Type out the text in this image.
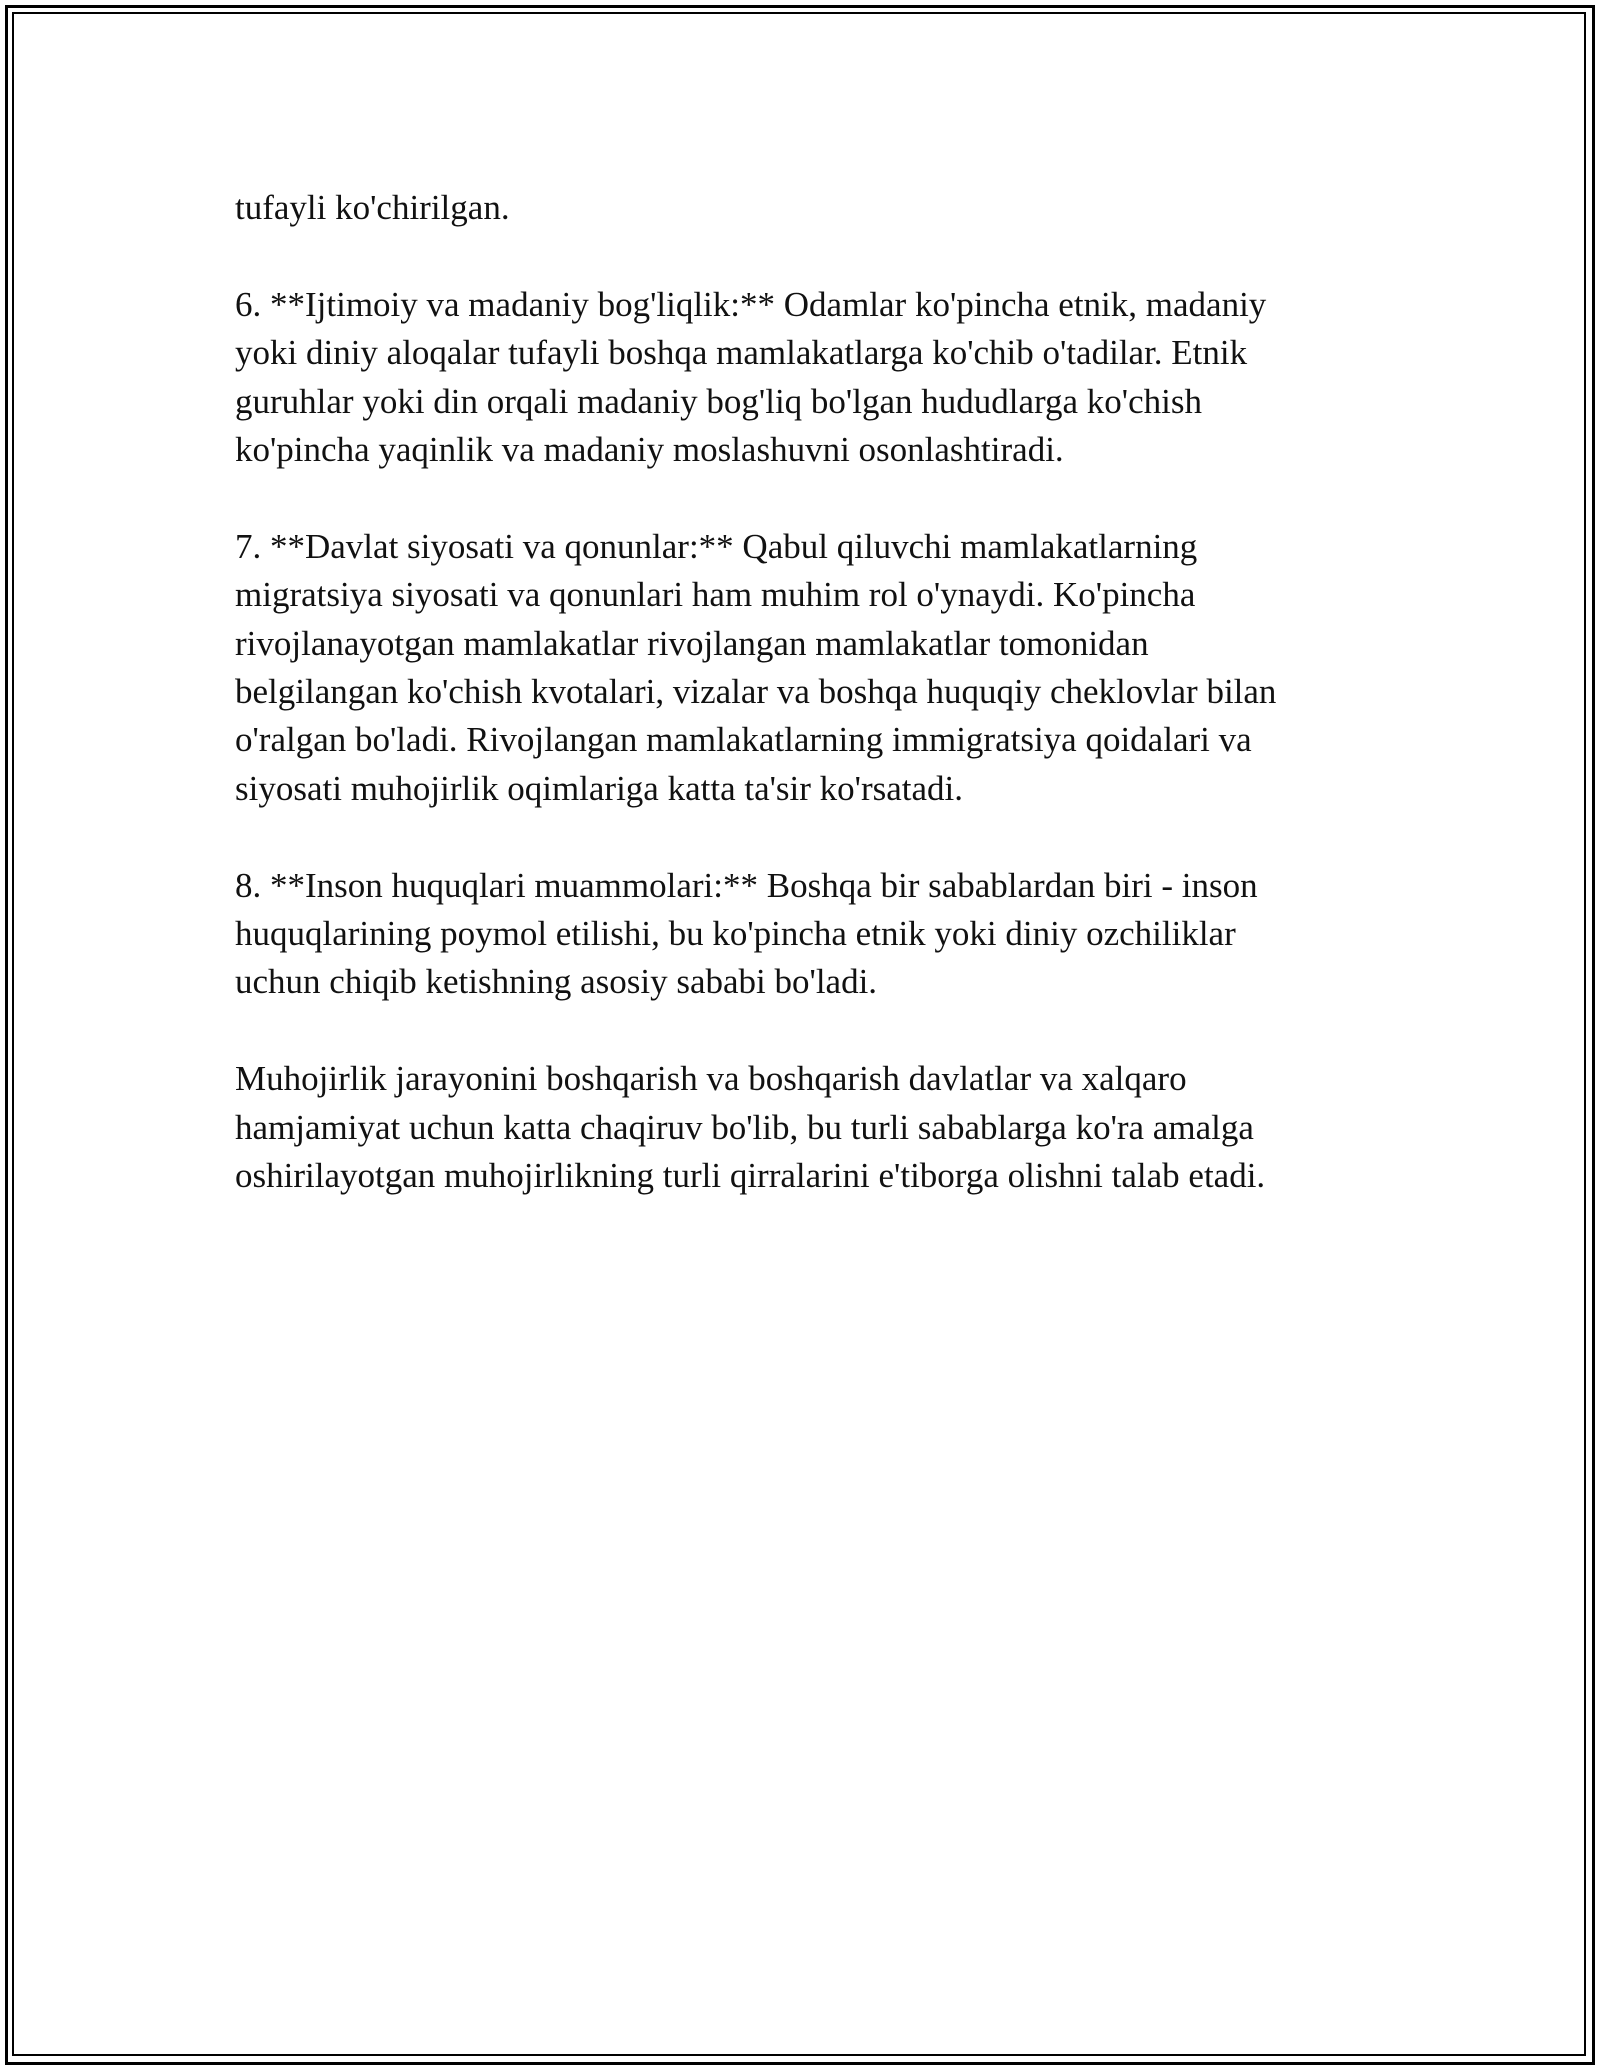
tufayli ko'chirilgan.

6. **Ijtimoiy va madaniy bog'liqlik:** Odamlar ko'pincha etnik, madaniy
yoki diniy aloqalar tufayli boshqa mamlakatlarga ko'chib o'tadilar. Etnik
guruhlar yoki din orqali madaniy bog'liq bo'lgan hududlarga ko'chish
ko'pincha yaqinlik va madaniy moslashuvni osonlashtiradi.

7. **Davlat siyosati va qonunlar:** Qabul qiluvchi mamlakatlarning
migratsiya siyosati va qonunlari ham muhim rol o'ynaydi. Ko'pincha
rivojlanayotgan mamlakatlar rivojlangan mamlakatlar tomonidan
belgilangan ko'chish kvotalari, vizalar va boshqa huquqiy cheklovlar bilan
o'ralgan bo'ladi. Rivojlangan mamlakatlarning immigratsiya qoidalari va
siyosati muhojirlik oqimlariga katta ta'sir ko'rsatadi.

8. **Inson huquqlari muammolari:** Boshqa bir sabablardan biri - inson
huquqlarining poymol etilishi, bu ko'pincha etnik yoki diniy ozchiliklar
uchun chiqib ketishning asosiy sababi bo'ladi.

Muhojirlik jarayonini boshqarish va boshqarish davlatlar va xalqaro
hamjamiyat uchun katta chaqiruv bo'lib, bu turli sabablarga ko'ra amalga
oshirilayotgan muhojirlikning turli qirralarini e'tiborga olishni talab etadi.
